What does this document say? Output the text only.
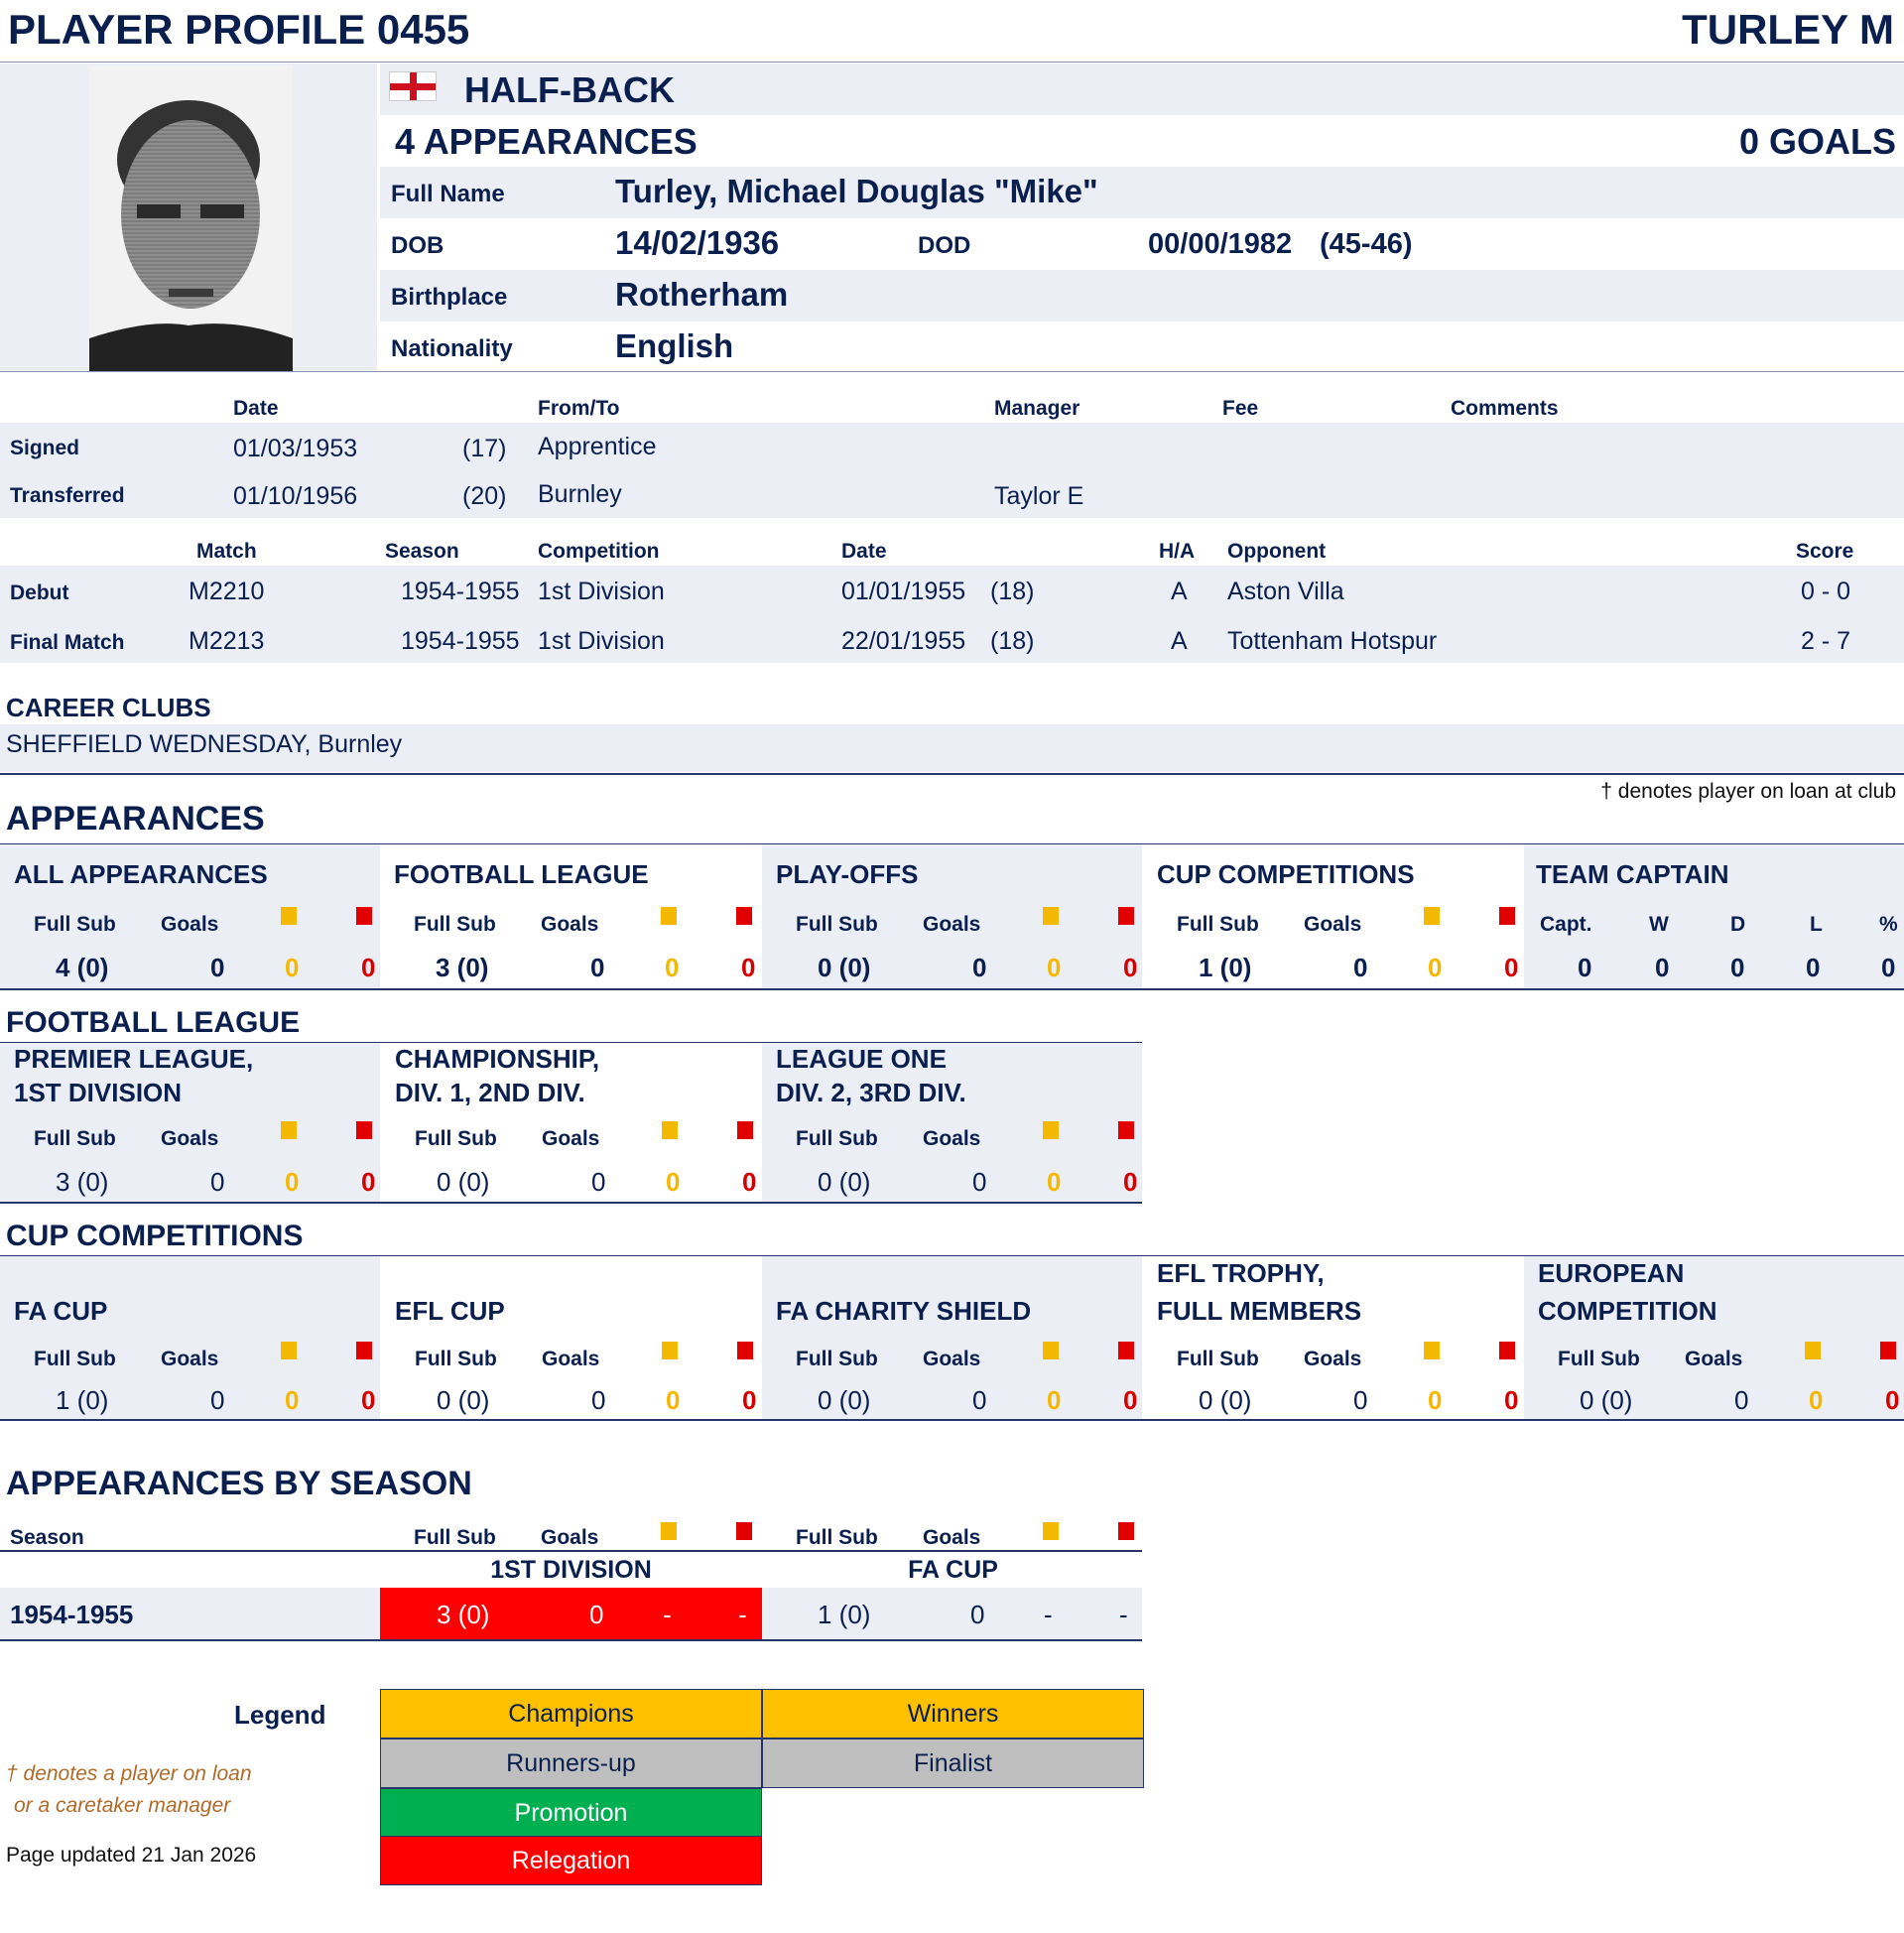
PLAYER PROFILE 0455	TURLEY M
HALF-BACK
4 APPEARANCES	0 GOALS
Full Name	Turley, Michael Douglas "Mike"
DOB	14/02/1936	DOD	00/00/1982 (45-46)
Birthplace	Rotherham
Nationality	English
Date	From/To	Manager	Fee	Comments
Signed	01/03/1953	(17) Apprentice
Transferred	01/10/1956	(20) Burnley	Taylor E
Match	Season	Competition	Date	H/A Opponent	Score
Debut	M2210	1954-1955 1st Division	01/01/1955 (18)	A Aston Villa	0 - 0
Final Match	M2213	1954-1955 1st Division	22/01/1955 (18)	A Tottenham Hotspur	2 - 7
CAREER CLUBS
SHEFFIELD WEDNESDAY, Burnley
† denotes player on loan at club
APPEARANCES
ALL APPEARANCES
Full Sub Goals
4 (0)	0 0 0
FOOTBALL LEAGUE
Full Sub Goals
3 (0)	0 0 0
PLAY-OFFS
Full Sub Goals
0 (0)	0 0 0
CUP COMPETITIONS
Full Sub Goals
1 (0)	0 0 0
TEAM CAPTAIN
Capt.	W	D	L	%
0 0 0 0 0
FOOTBALL LEAGUE
PREMIER LEAGUE,
1ST DIVISION
Full Sub Goals
3 (0)	0 0 0
CHAMPIONSHIP,
DIV. 1, 2ND DIV.
Full Sub Goals
0 (0)	0 0 0
LEAGUE ONE
DIV. 2, 3RD DIV.
Full Sub Goals
0 (0)	0 0 0
CUP COMPETITIONS
FA CUP
Full Sub Goals
1 (0)	0 0 0
EFL CUP
Full Sub Goals
0 (0)	0 0 0
FA CHARITY SHIELD
Full Sub Goals
0 (0)	0 0 0
EFL TROPHY,
FULL MEMBERS
Full Sub Goals
0 (0)	0 0 0
EUROPEAN
COMPETITION
Full Sub Goals
0 (0)	0 0 0
APPEARANCES BY SEASON
Season	Full Sub Goals	Full Sub Goals
1ST DIVISION	FA CUP
1954-1955	3 (0)	0 -	-	1 (0)	0 -	-
Legend	Champions	Winners
Runners-up	Finalist
Promotion
Relegation
† denotes a player on loan
or a caretaker manager
Page updated 21 Jan 2026
